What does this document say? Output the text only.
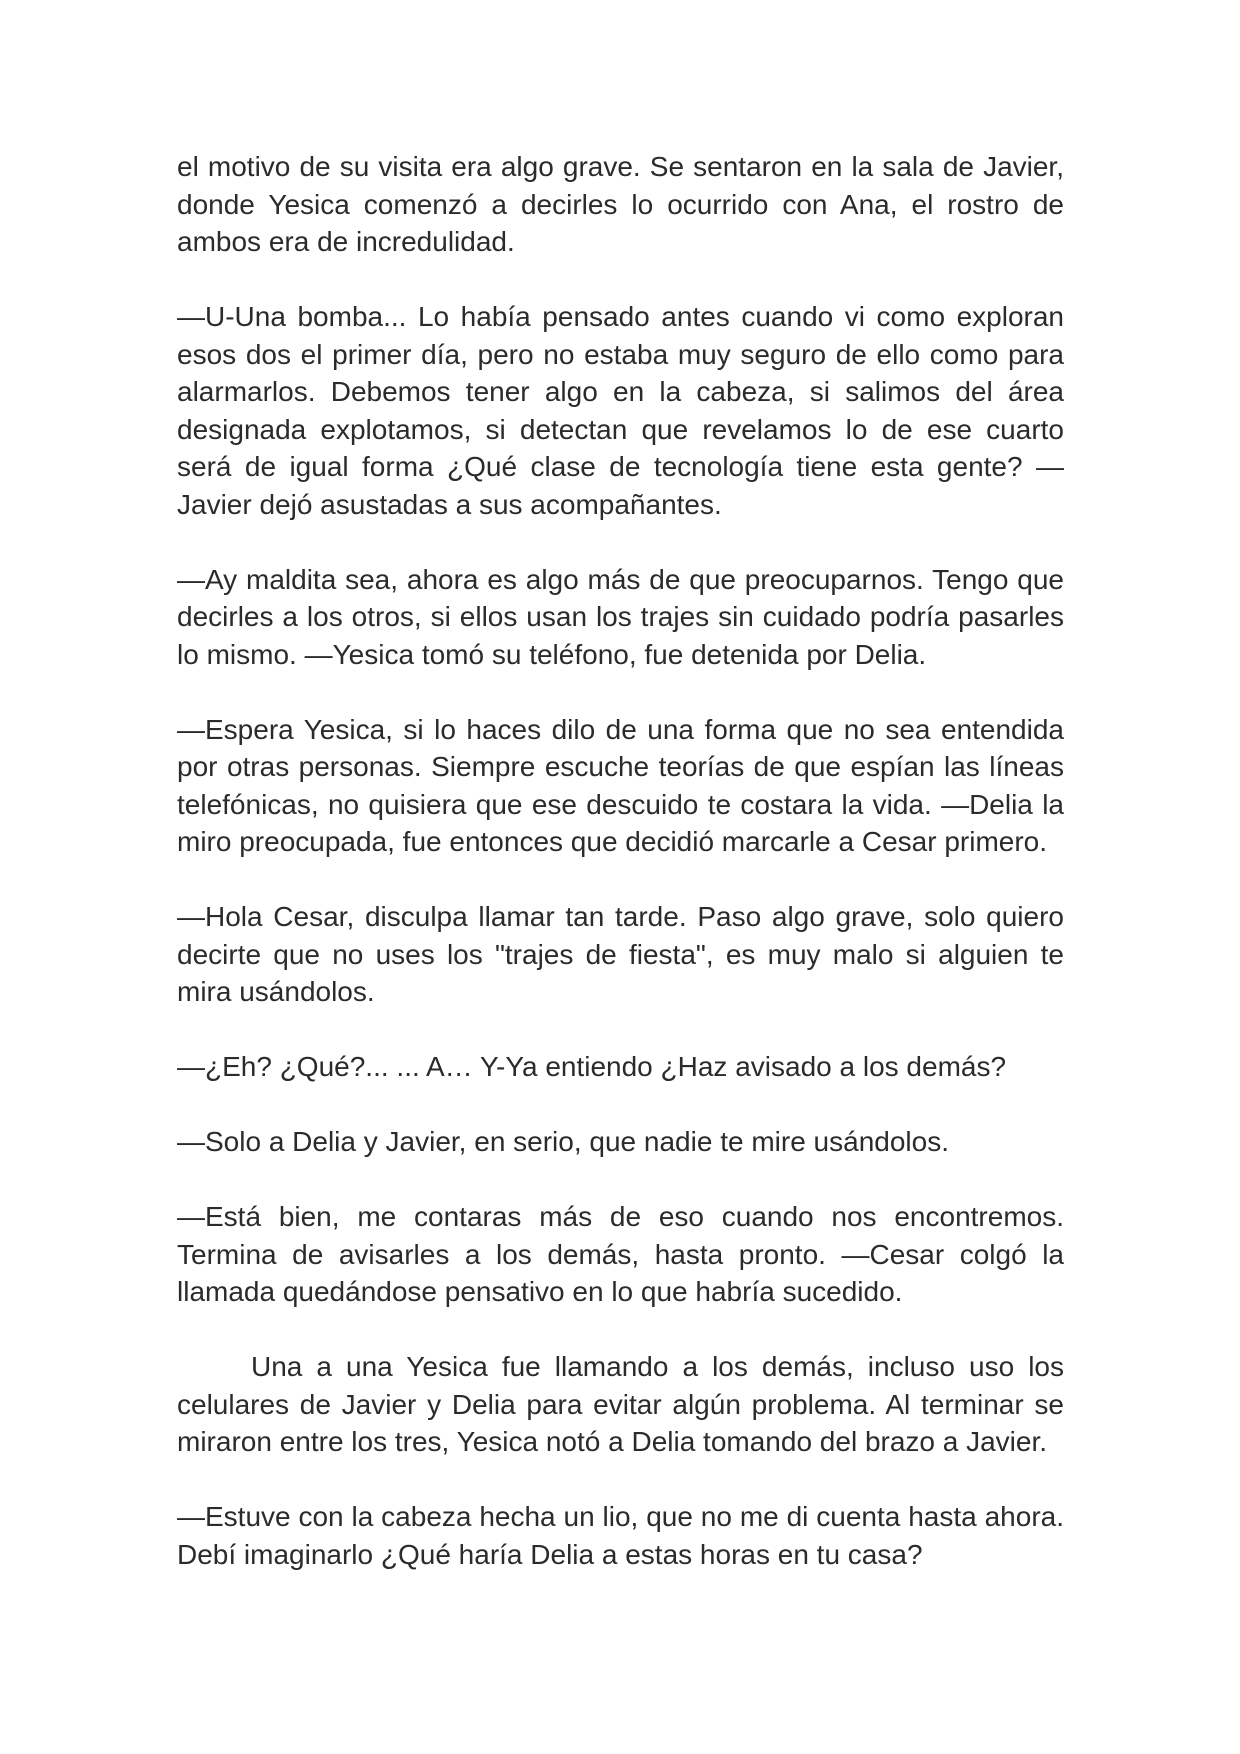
el motivo de su visita era algo grave. Se sentaron en la sala de Javier, donde Yesica comenzó a decirles lo ocurrido con Ana, el rostro de ambos era de incredulidad.

—U-Una bomba... Lo había pensado antes cuando vi como exploran esos dos el primer día, pero no estaba muy seguro de ello como para alarmarlos. Debemos tener algo en la cabeza, si salimos del área designada explotamos, si detectan que revelamos lo de ese cuarto será de igual forma ¿Qué clase de tecnología tiene esta gente? —Javier dejó asustadas a sus acompañantes.

—Ay maldita sea, ahora es algo más de que preocuparnos. Tengo que decirles a los otros, si ellos usan los trajes sin cuidado podría pasarles lo mismo. —Yesica tomó su teléfono, fue detenida por Delia.

—Espera Yesica, si lo haces dilo de una forma que no sea entendida por otras personas. Siempre escuche teorías de que espían las líneas telefónicas, no quisiera que ese descuido te costara la vida. —Delia la miro preocupada, fue entonces que decidió marcarle a Cesar primero.

—Hola Cesar, disculpa llamar tan tarde. Paso algo grave, solo quiero decirte que no uses los "trajes de fiesta", es muy malo si alguien te mira usándolos.

—¿Eh? ¿Qué?... ... A… Y-Ya entiendo ¿Haz avisado a los demás?

—Solo a Delia y Javier, en serio, que nadie te mire usándolos.

—Está bien, me contaras más de eso cuando nos encontremos. Termina de avisarles a los demás, hasta pronto. —Cesar colgó la llamada quedándose pensativo en lo que habría sucedido.

Una a una Yesica fue llamando a los demás, incluso uso los celulares de Javier y Delia para evitar algún problema. Al terminar se miraron entre los tres, Yesica notó a Delia tomando del brazo a Javier.

—Estuve con la cabeza hecha un lio, que no me di cuenta hasta ahora. Debí imaginarlo ¿Qué haría Delia a estas horas en tu casa?
